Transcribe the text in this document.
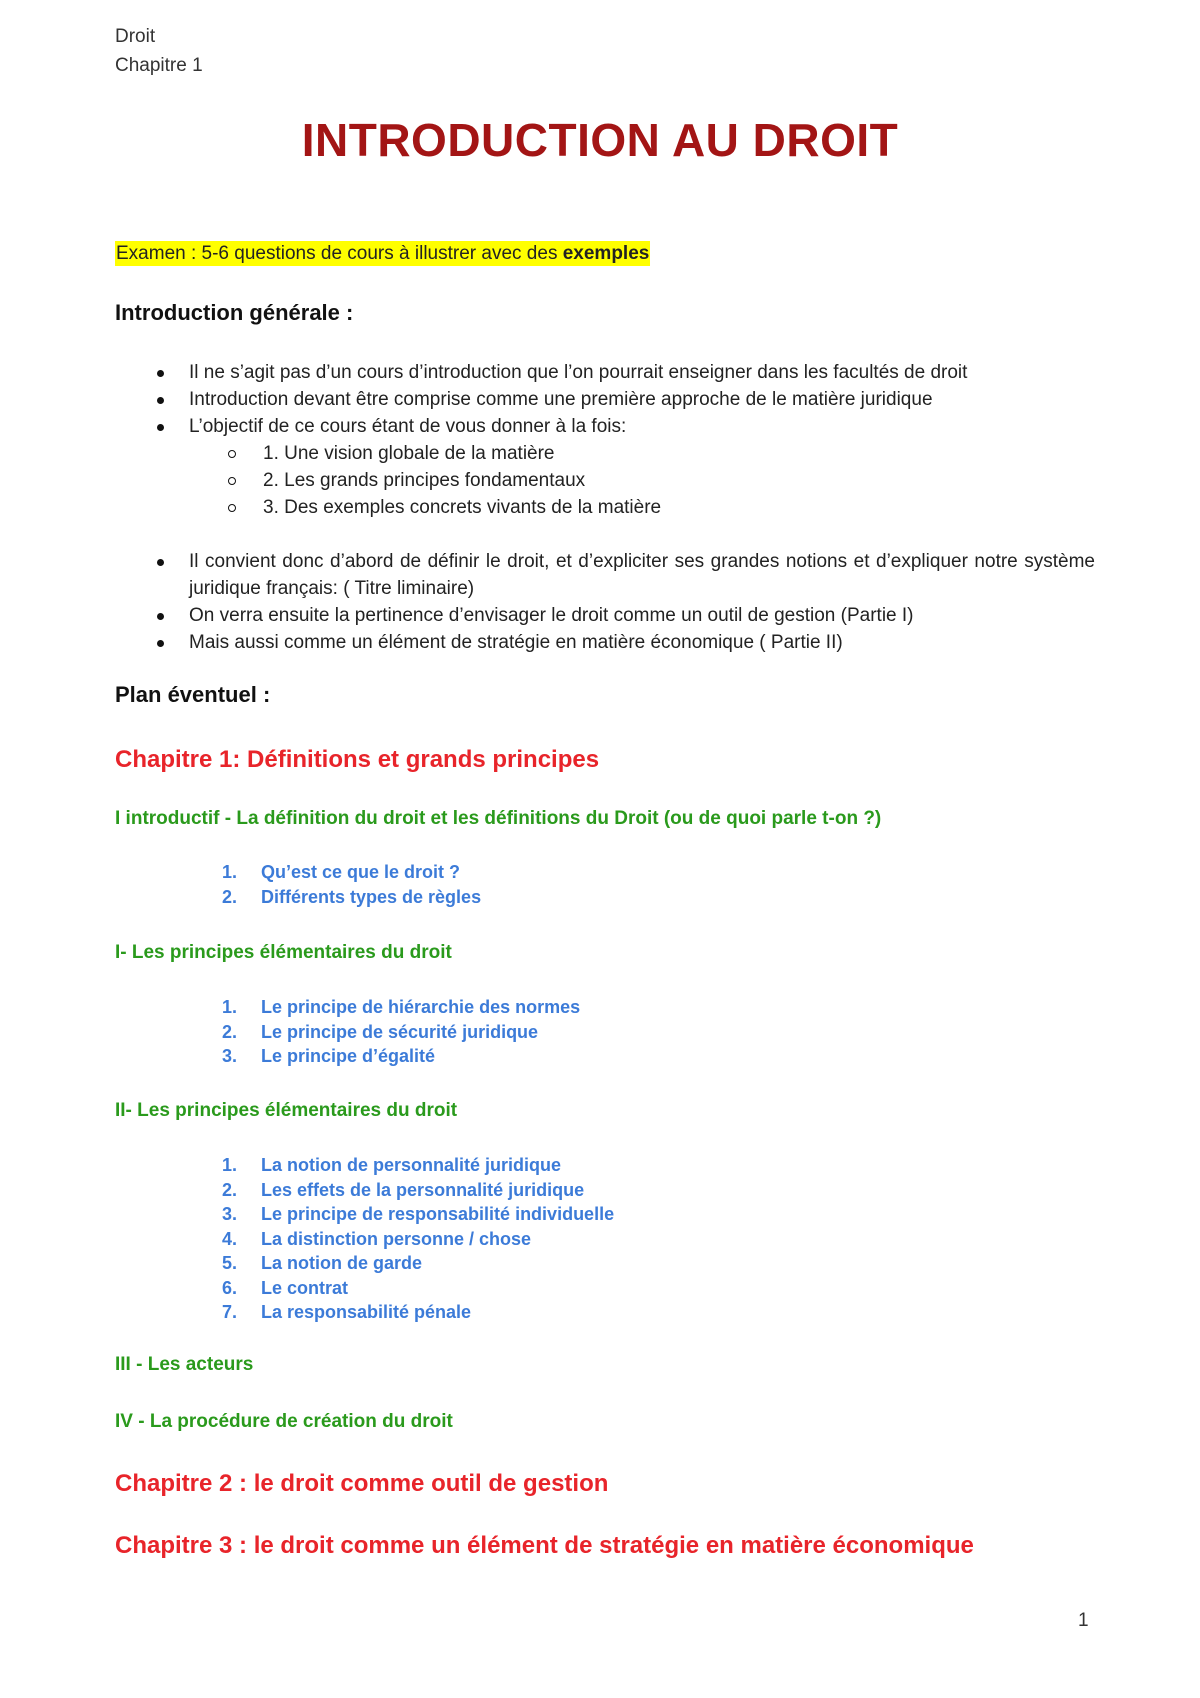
Droit
Chapitre 1
INTRODUCTION AU DROIT
Examen : 5-6 questions de cours à illustrer avec des exemples
Introduction générale :
Il ne s’agit pas d’un cours d’introduction que l’on pourrait enseigner dans les facultés de droit
Introduction devant être comprise comme une première approche de le matière juridique
L’objectif de ce cours étant de vous donner à la fois:
1. Une vision globale de la matière
2. Les grands principes fondamentaux
3. Des exemples concrets vivants de la matière
Il convient donc d’abord de définir le droit, et d’expliciter ses grandes notions et d’expliquer notre système juridique français: ( Titre liminaire)
On verra ensuite la pertinence d’envisager le droit comme un outil de gestion (Partie I)
Mais aussi comme un élément de stratégie en matière économique ( Partie II)
Plan éventuel :
Chapitre 1: Définitions et grands principes
I introductif - La définition du droit et les définitions du Droit (ou de quoi parle t-on ?)
1. Qu’est ce que le droit ?
2. Différents types de règles
I- Les principes élémentaires du droit
1. Le principe de hiérarchie des normes
2. Le principe de sécurité juridique
3. Le principe d’égalité
II- Les principes élémentaires du droit
1. La notion de personnalité juridique
2. Les effets de la personnalité juridique
3. Le principe de responsabilité individuelle
4. La distinction personne / chose
5. La notion de garde
6. Le contrat
7. La responsabilité pénale
III - Les acteurs
IV - La procédure de création du droit
Chapitre 2 : le droit comme outil de gestion
Chapitre 3 : le droit comme un élément de stratégie en matière économique
1
